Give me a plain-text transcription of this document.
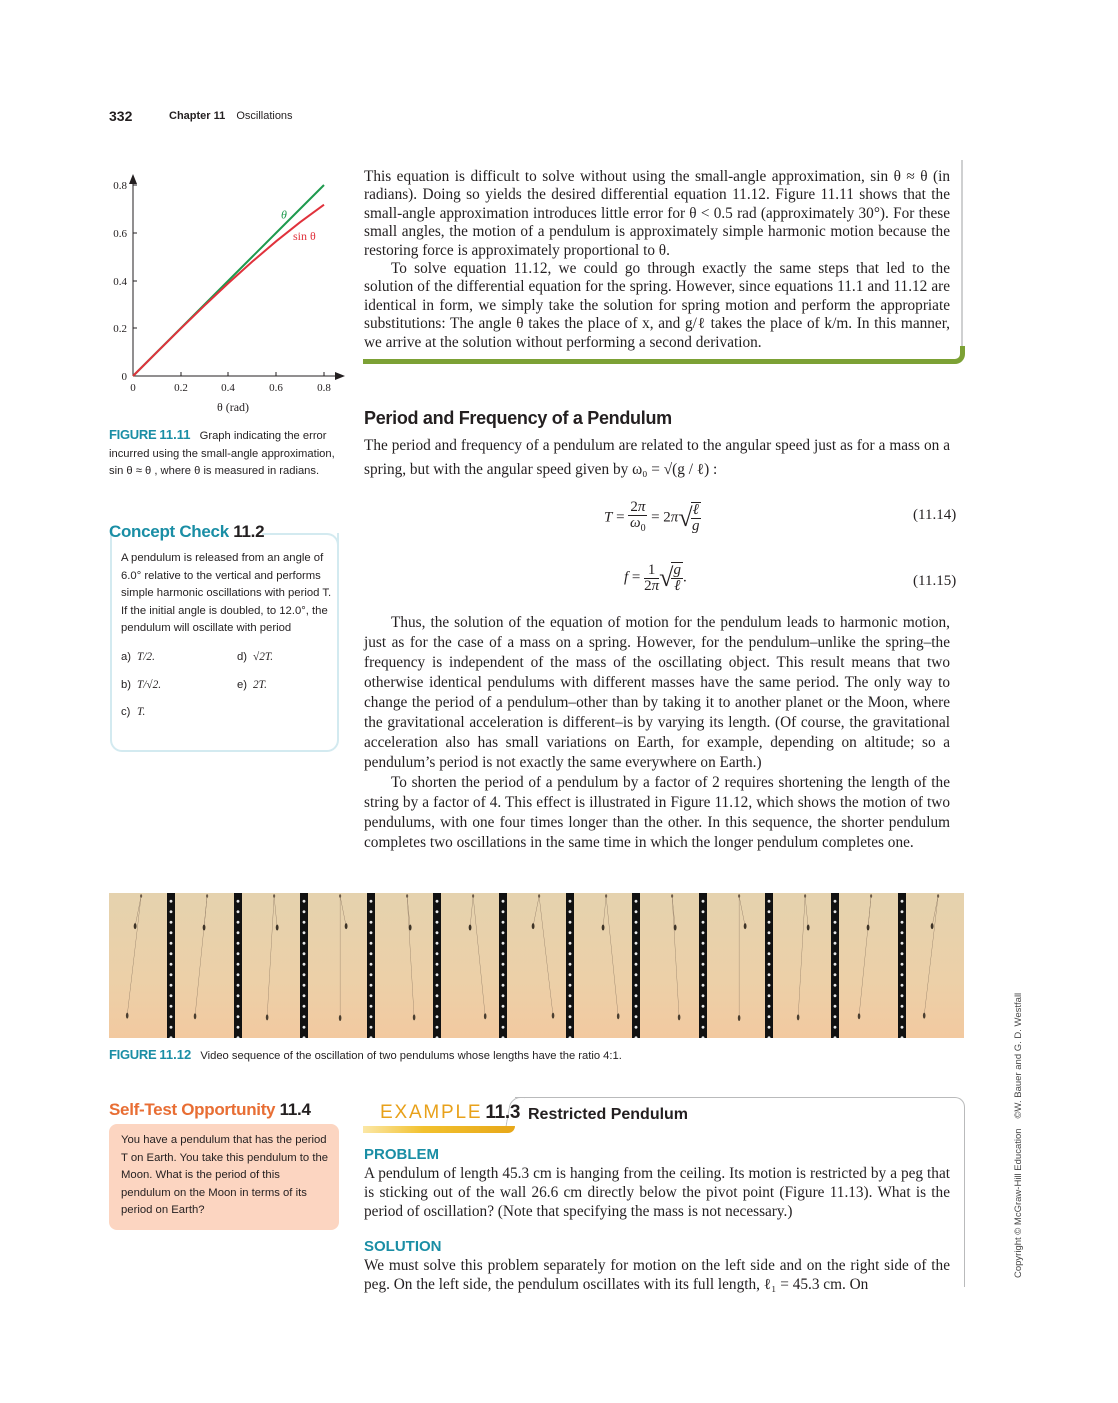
332	Chapter 11 Oscillations
0.8
0.6
0.4
0.2
0
0	0.2	0.4	0.6	0.8
θ (rad)
θ
sin θ
FIGURE 11.11 Graph indicating the error incurred using the small-angle approximation, sin θ ≈ θ , where θ is measured in radians.
Concept Check 11.2
A pendulum is released from an angle of 6.0° relative to the vertical and performs simple harmonic oscillations with period T. If the initial angle is doubled, to 12.0°, the pendulum will oscillate with period
a) T/2.
b) T/√2.
c) T.
d) √2T.
e) 2T.

This equation is difficult to solve without using the small-angle approximation, sin θ ≈ θ (in radians). Doing so yields the desired differential equation 11.12. Figure 11.11 shows that the small-angle approximation introduces little error for θ < 0.5 rad (approximately 30°). For these small angles, the motion of a pendulum is approximately simple harmonic motion because the restoring force is approximately proportional to θ.

To solve equation 11.12, we could go through exactly the same steps that led to the solution of the differential equation for the spring. However, since equations 11.1 and 11.12 are identical in form, we simply take the solution for spring motion and perform the appropriate substitutions: The angle θ takes the place of x, and g/ℓ takes the place of k/m. In this manner, we arrive at the solution without performing a second derivation.

Period and Frequency of a Pendulum
The period and frequency of a pendulum are related to the angular speed just as for a mass on a spring, but with the angular speed given by ω₀ = √(g / ℓ) :
$T = \frac{2\pi}{\omega_0} = 2\pi√$
$\frac{\text{ℓ}}{g}$	(11.14)
$f = \frac{1}{2\pi}$ √
$\frac{g}{\text{ℓ}}$ .	(11.15)

Thus, the solution of the equation of motion for the pendulum leads to harmonic motion, just as for the case of a mass on a spring. However, for the pendulum–unlike the spring–the frequency is independent of the mass of the oscillating object. This result means that two otherwise identical pendulums with different masses have the same period. The only way to change the period of a pendulum–other than by taking it to another planet or the Moon, where the gravitational acceleration is different–is by varying its length. (Of course, the gravitational acceleration also has small variations on Earth, for example, depending on altitude; so a pendulum’s period is not exactly the same everywhere on Earth.)

To shorten the period of a pendulum by a factor of 2 requires shortening the length of the string by a factor of 4. This effect is illustrated in Figure 11.12, which shows the motion of two pendulums, with one four times longer than the other. In this sequence, the shorter pendulum completes two oscillations in the same time in which the longer pendulum completes one.

FIGURE 11.12 Video sequence of the oscillation of two pendulums whose lengths have the ratio 4:1.
Self-Test Opportunity 11.4
You have a pendulum that has the period T on Earth. You take this pendulum to the Moon. What is the period of this pendulum on the Moon in terms of its period on Earth?
EXAMPLE 11.3 Restricted Pendulum
PROBLEM

A pendulum of length 45.3 cm is hanging from the ceiling. Its motion is restricted by a peg that is sticking out of the wall 26.6 cm directly below the pivot point (Figure 11.13). What is the period of oscillation? (Note that specifying the mass is not necessary.)

SOLUTION

We must solve this problem separately for motion on the left side and on the right side of the peg. On the left side, the pendulum oscillates with its full length, ℓ₁ = 45.3 cm. On

Copyright © McGraw-Hill Education©W. Bauer and G. D. Westfall
